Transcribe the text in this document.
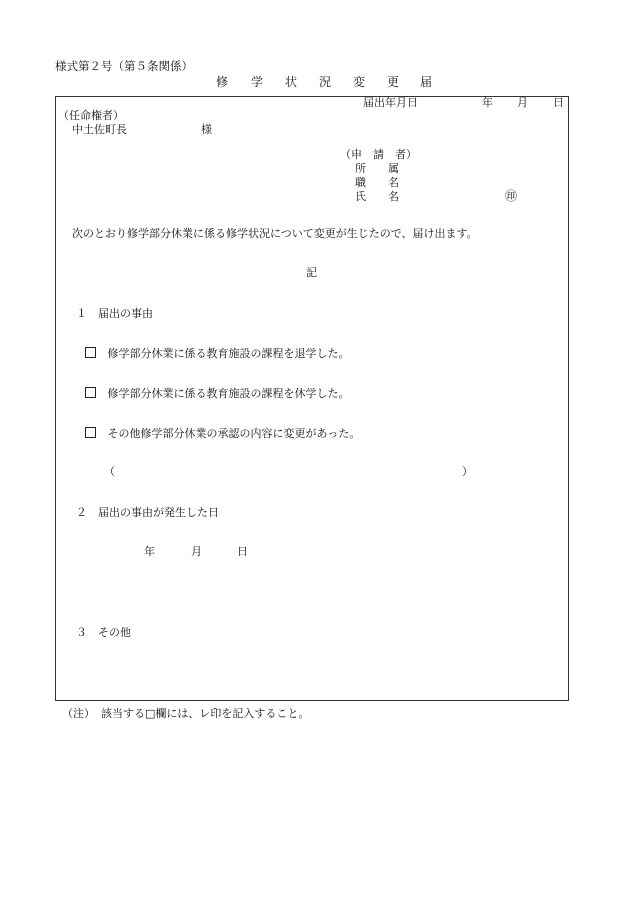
様式第２号（第５条関係）
修 学 状 況 変 更 届
届出年月日	年 月 日
（任命権者）
中土佐町長	様
（申　請　者）
所　　属
職　　名
氏　　名	㊞
次のとおり修学部分休業に係る修学状況について変更が生じたので、届け出ます。
記
１　届出の事由
修学部分休業に係る教育施設の課程を退学した。
修学部分休業に係る教育施設の課程を休学した。
その他修学部分休業の承認の内容に変更があった。
（	）
２　届出の事由が発生した日
年	月	日
３　その他
（注） 該当する□欄には、レ印を記入すること。
